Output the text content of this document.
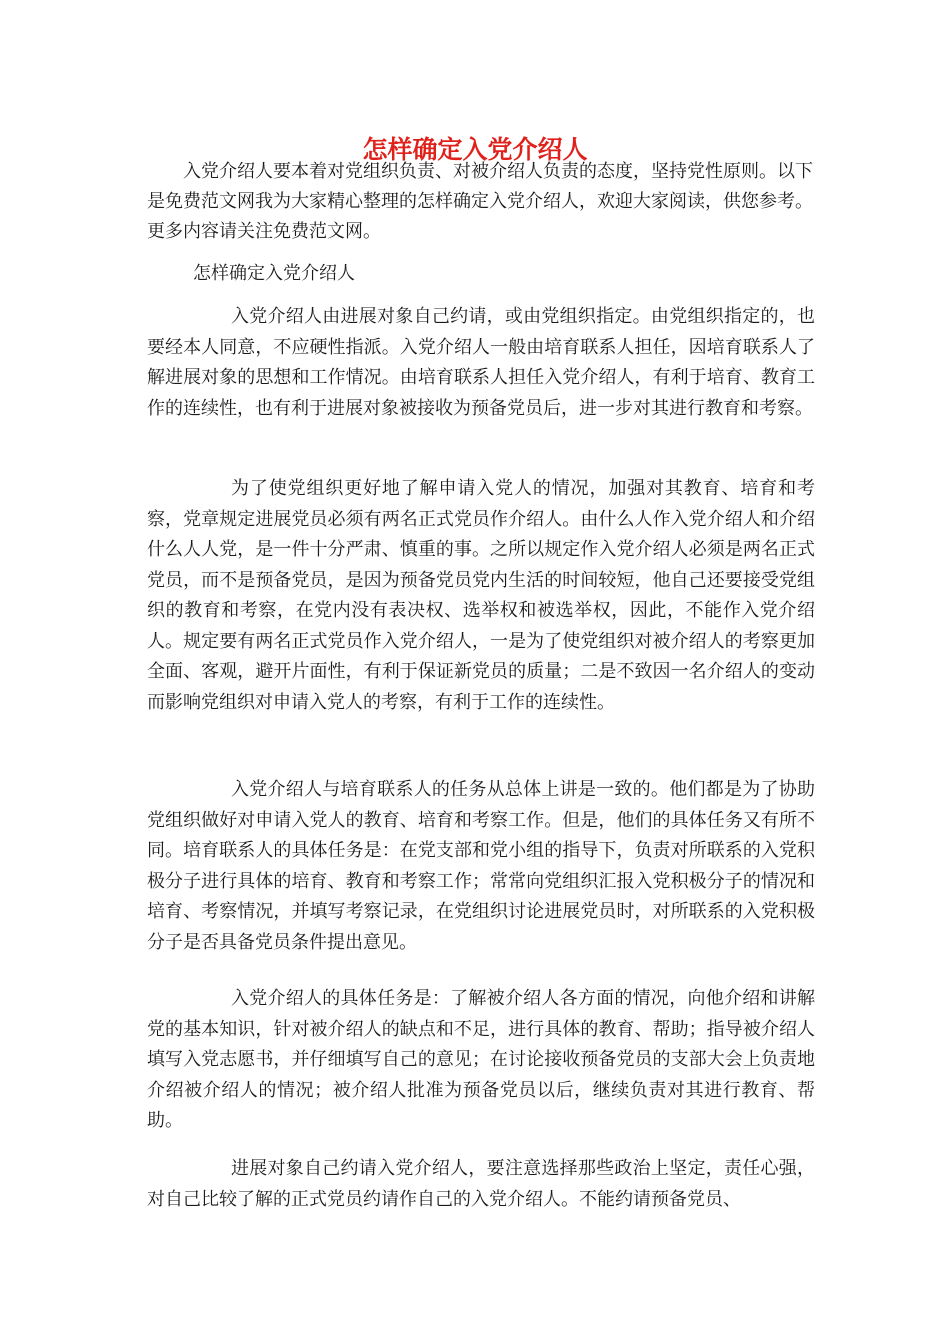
怎样确定入党介绍人

入党介绍人要本着对党组织负责、对被介绍人负责的态度，坚持党性原则。以下是免费范文网我为大家精心整理的怎样确定入党介绍人，欢迎大家阅读，供您参考。更多内容请关注免费范文网。

怎样确定入党介绍人

入党介绍人由进展对象自己约请，或由党组织指定。由党组织指定的，也要经本人同意，不应硬性指派。入党介绍人一般由培育联系人担任，因培育联系人了解进展对象的思想和工作情况。由培育联系人担任入党介绍人，有利于培育、教育工作的连续性，也有利于进展对象被接收为预备党员后，进一步对其进行教育和考察。

为了使党组织更好地了解申请入党人的情况，加强对其教育、培育和考察，党章规定进展党员必须有两名正式党员作介绍人。由什么人作入党介绍人和介绍什么人人党，是一件十分严肃、慎重的事。之所以规定作入党介绍人必须是两名正式党员，而不是预备党员，是因为预备党员党内生活的时间较短，他自己还要接受党组织的教育和考察，在党内没有表决权、选举权和被选举权，因此，不能作入党介绍人。规定要有两名正式党员作入党介绍人，一是为了使党组织对被介绍人的考察更加全面、客观，避开片面性，有利于保证新党员的质量；二是不致因一名介绍人的变动而影响党组织对申请入党人的考察，有利于工作的连续性。

入党介绍人与培育联系人的任务从总体上讲是一致的。他们都是为了协助党组织做好对申请入党人的教育、培育和考察工作。但是，他们的具体任务又有所不同。培育联系人的具体任务是：在党支部和党小组的指导下，负责对所联系的入党积极分子进行具体的培育、教育和考察工作；常常向党组织汇报入党积极分子的情况和培育、考察情况，并填写考察记录，在党组织讨论进展党员时，对所联系的入党积极分子是否具备党员条件提出意见。

入党介绍人的具体任务是：了解被介绍人各方面的情况，向他介绍和讲解党的基本知识，针对被介绍人的缺点和不足，进行具体的教育、帮助；指导被介绍人填写入党志愿书，并仔细填写自己的意见；在讨论接收预备党员的支部大会上负责地介绍被介绍人的情况；被介绍人批准为预备党员以后，继续负责对其进行教育、帮助。

进展对象自己约请入党介绍人，要注意选择那些政治上坚定，责任心强，对自己比较了解的正式党员约请作自己的入党介绍人。不能约请预备党员、
